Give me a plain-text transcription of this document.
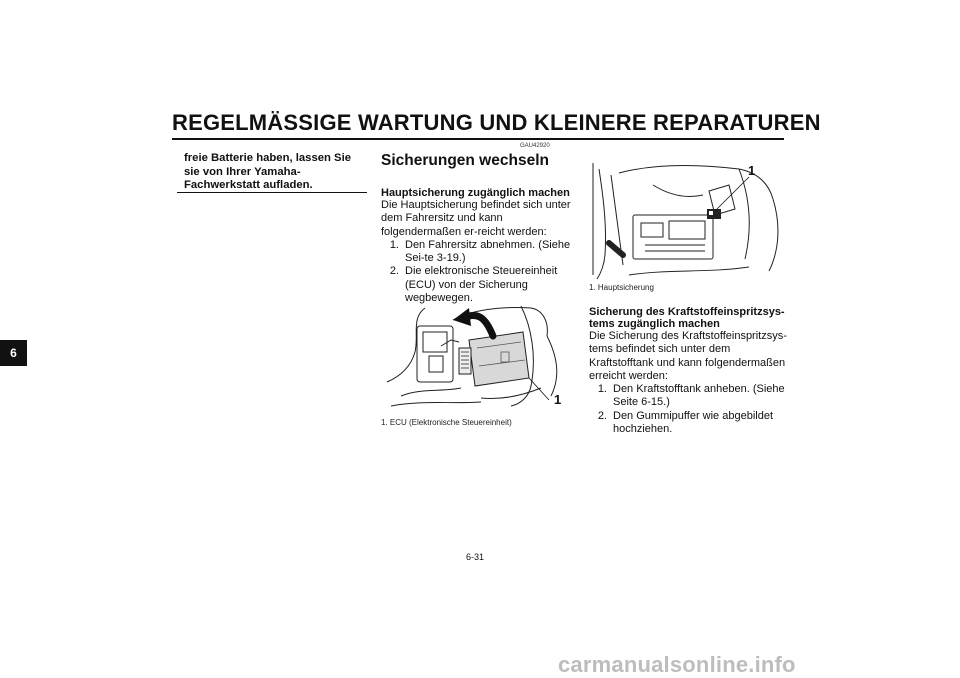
REGELMÄSSIGE WARTUNG UND KLEINERE REPARATUREN
6
freie Batterie haben, lassen Sie sie von Ihrer Yamaha-Fachwerkstatt aufladen.
GAU42920
Sicherungen wechseln
Hauptsicherung zugänglich machen
Die Hauptsicherung befindet sich unter dem Fahrersitz und kann folgendermaßen er-reicht werden:
1. Den Fahrersitz abnehmen. (Siehe Sei-te 3-19.)
2. Die elektronische Steuereinheit (ECU) von der Sicherung wegbewegen.
1
1. ECU (Elektronische Steuereinheit)
1
1. Hauptsicherung
Sicherung des Kraftstoffeinspritzsys-
tems zugänglich machen
Die Sicherung des Kraftstoffeinspritzsys-tems befindet sich unter dem Kraftstofftank und kann folgendermaßen erreicht werden:
1. Den Kraftstofftank anheben. (Siehe Seite 6-15.)
2. Den Gummipuffer wie abgebildet hochziehen.
6-31
carmanualsonline.info
